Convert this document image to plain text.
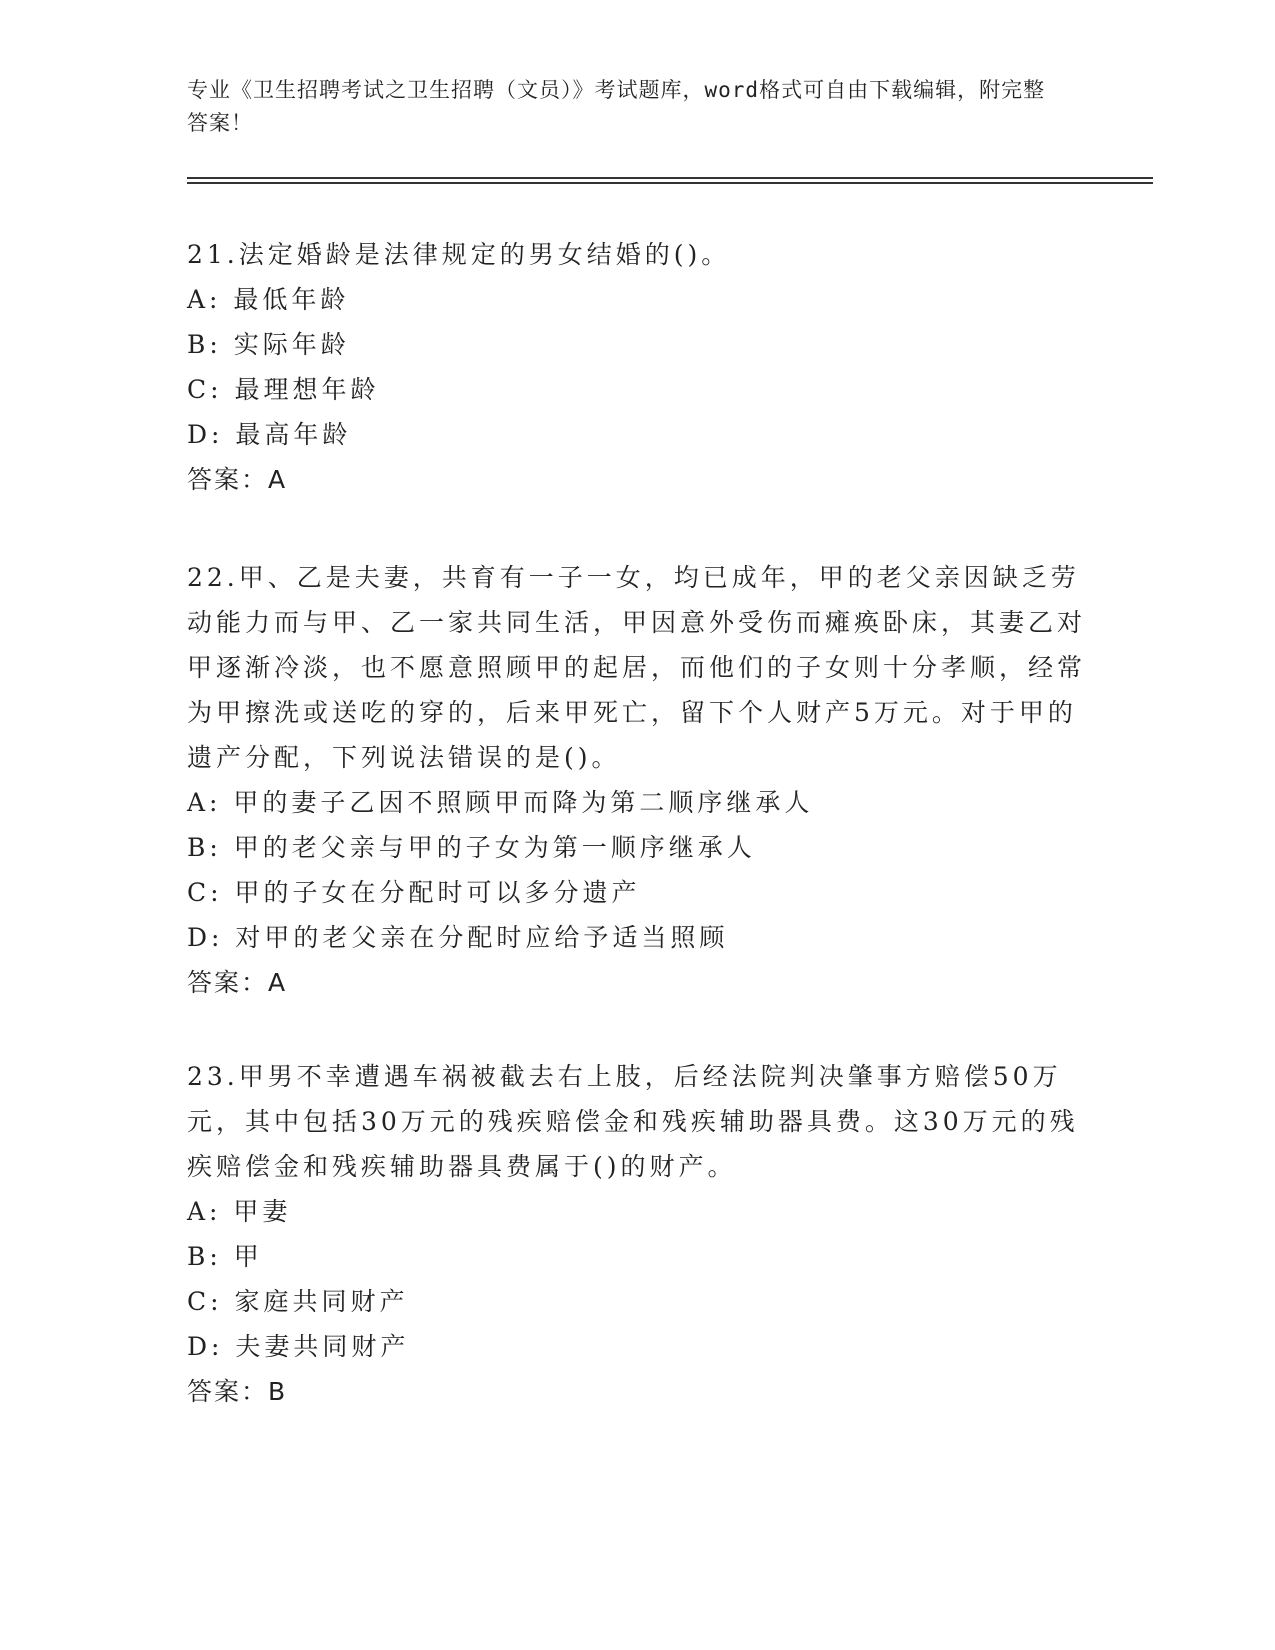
专业《卫生招聘考试之卫生招聘（文员）》考试题库，word格式可自由下载编辑，附完整答案！

21.法定婚龄是法律规定的男女结婚的()。

A: 最低年龄

B: 实际年龄

C: 最理想年龄

D: 最高年龄

答案：A

22.甲、乙是夫妻，共育有一子一女，均已成年，甲的老父亲因缺乏劳动能力而与甲、乙一家共同生活，甲因意外受伤而瘫痪卧床，其妻乙对甲逐渐冷淡，也不愿意照顾甲的起居，而他们的子女则十分孝顺，经常为甲擦洗或送吃的穿的，后来甲死亡，留下个人财产5万元。对于甲的遗产分配，下列说法错误的是()。

A: 甲的妻子乙因不照顾甲而降为第二顺序继承人

B: 甲的老父亲与甲的子女为第一顺序继承人

C: 甲的子女在分配时可以多分遗产

D: 对甲的老父亲在分配时应给予适当照顾

答案：A

23.甲男不幸遭遇车祸被截去右上肢，后经法院判决肇事方赔偿50万元，其中包括30万元的残疾赔偿金和残疾辅助器具费。这30万元的残疾赔偿金和残疾辅助器具费属于()的财产。

A: 甲妻

B: 甲

C: 家庭共同财产

D: 夫妻共同财产

答案：B
